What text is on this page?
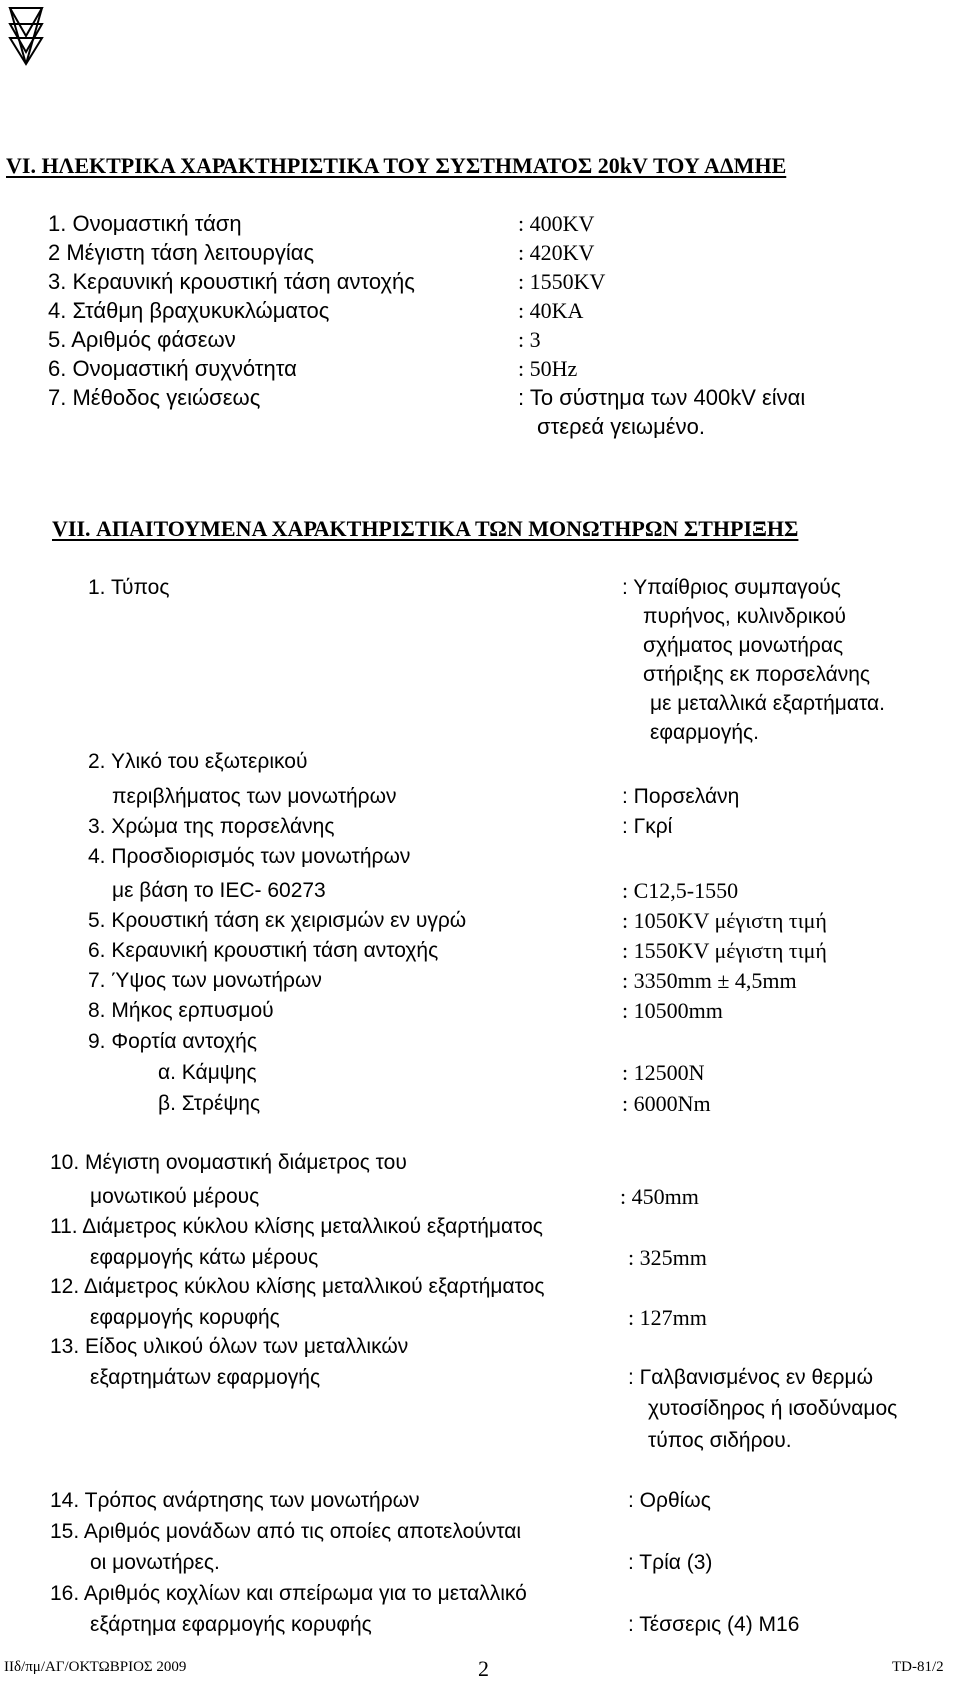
VI. ΗΛΕΚΤΡΙΚΑ ΧΑΡΑΚΤΗΡΙΣΤΙΚΑ ΤΟΥ ΣΥΣΤΗΜΑΤΟΣ 20kV ΤΟΥ ΑΔΜΗΕ
1. Ονομαστική τάση	: 400KV
2 Μέγιστη τάση λειτουργίας	: 420KV
3. Κεραυνική κρουστική τάση αντοχής	: 1550KV
4. Στάθμη βραχυκυκλώματος	: 40KA
5. Αριθμός φάσεων	: 3
6. Ονομαστική συχνότητα	: 50Hz
7. Μέθοδος γειώσεως	: Το σύστημα των 400kV είναι
στερεά γειωμένο.
VII. ΑΠΑΙΤΟΥΜΕΝΑ ΧΑΡΑΚΤΗΡΙΣΤΙΚΑ ΤΩΝ ΜΟΝΩΤΗΡΩΝ ΣΤΗΡΙΞΗΣ
1. Τύπος	: Υπαίθριος συμπαγούς
πυρήνος, κυλινδρικού
σχήματος μονωτήρας
στήριξης εκ πορσελάνης
με μεταλλικά εξαρτήματα.
εφαρμογής.
2. Υλικό του εξωτερικού
περιβλήματος των μονωτήρων	: Πορσελάνη
3. Χρώμα της πορσελάνης	: Γκρί
4. Προσδιορισμός των μονωτήρων
με βάση το IEC- 60273	: C12,5-1550
5. Κρουστική τάση εκ χειρισμών εν υγρώ	: 1050KV μέγιστη τιμή
6. Κεραυνική κρουστική τάση αντοχής	: 1550KV μέγιστη τιμή
7. Ύψος των μονωτήρων	: 3350mm ± 4,5mm
8. Μήκος ερπυσμού	: 10500mm
9. Φορτία αντοχής
α. Κάμψης	: 12500N
β. Στρέψης	: 6000Nm
10. Μέγιστη ονομαστική διάμετρος του
μονωτικού μέρους	: 450mm
11. Διάμετρος κύκλου κλίσης μεταλλικού εξαρτήματος
εφαρμογής κάτω μέρους	: 325mm
12. Διάμετρος κύκλου κλίσης μεταλλικού εξαρτήματος
εφαρμογής κορυφής	: 127mm
13. Είδος υλικού όλων των μεταλλικών
εξαρτημάτων εφαρμογής	: Γαλβανισμένος εν θερμώ
χυτοσίδηρος ή ισοδύναμος
τύπος σιδήρου.
14. Τρόπος ανάρτησης των μονωτήρων	: Ορθίως
15. Αριθμός μονάδων από τις οποίες αποτελούνται
οι μονωτήρες.	: Τρία (3)
16. Αριθμός κοχλίων και σπείρωμα για το μεταλλικό
εξάρτημα εφαρμογής κορυφής	: Τέσσερις (4) M16
ΙΙδ/πμ/ΑΓ/ΟΚΤΩΒΡΙΟΣ 2009	2	TD-81/2
